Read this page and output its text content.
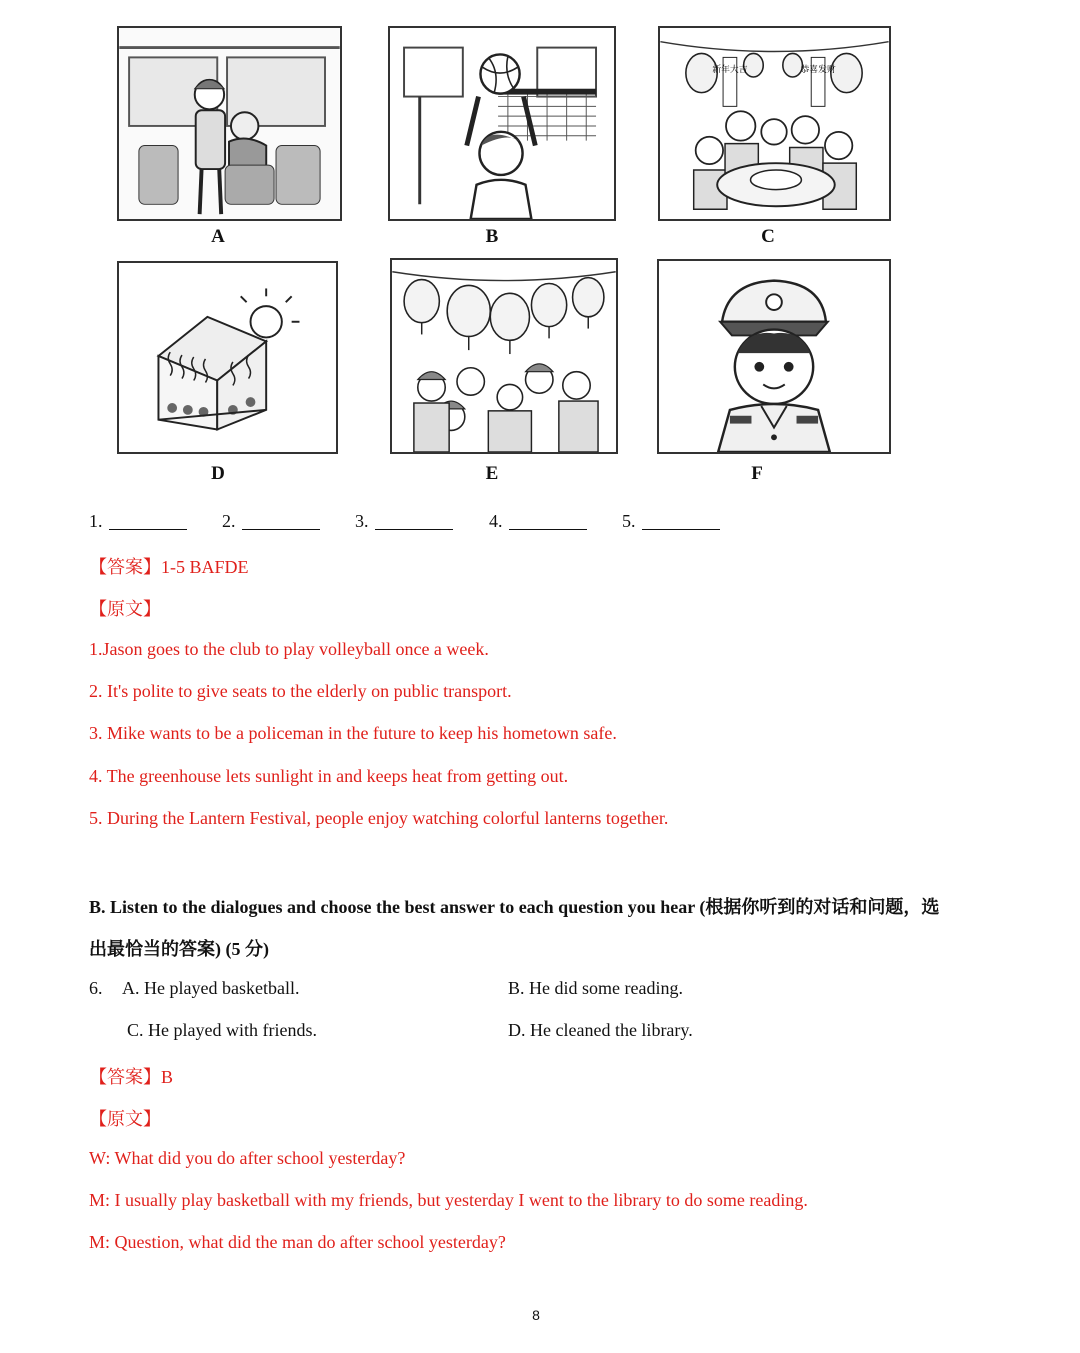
A	B
新年大吉	恭喜发财
C
D	E	F
1.	2.	3.	4.	5.
【答案】1-5 BAFDE
【原文】
1.Jason goes to the club to play volleyball once a week.
2. It's polite to give seats to the elderly on public transport.
3. Mike wants to be a policeman in the future to keep his hometown safe.
4. The greenhouse lets sunlight in and keeps heat from getting out.
5. During the Lantern Festival, people enjoy watching colorful lanterns together.
B. Listen to the dialogues and choose the best answer to each question you hear (根据你听到的对话和问题，选
出最恰当的答案) (5 分)
6. A. He played basketball.	B. He did some reading.
C. He played with friends.	D. He cleaned the library.
【答案】B
【原文】
W: What did you do after school yesterday?
M: I usually play basketball with my friends, but yesterday I went to the library to do some reading.
M: Question, what did the man do after school yesterday?
8
